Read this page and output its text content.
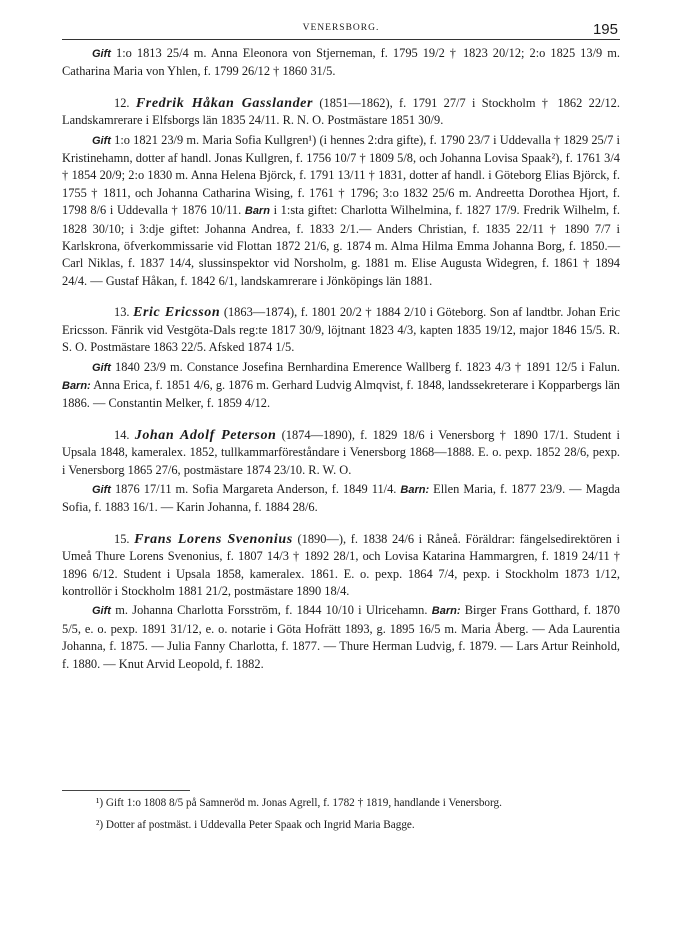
VENERSBORG.	195

Gift 1:o 1813 25/4 m. Anna Eleonora von Stjerneman, f. 1795 19/2 † 1823 20/12; 2:o 1825 13/9 m. Catharina Maria von Yhlen, f. 1799 26/12 † 1860 31/5.

12. Fredrik Håkan Gasslander (1851—1862), f. 1791 27/7 i Stockholm † 1862 22/12. Landskamrerare i Elfsborgs län 1835 24/11. R. N. O. Postmästare 1851 30/9.

Gift 1:o 1821 23/9 m. Maria Sofia Kullgren¹) (i hennes 2:dra gifte), f. 1790 23/7 i Uddevalla † 1829 25/7 i Kristinehamn, dotter af handl. Jonas Kullgren, f. 1756 10/7 † 1809 5/8, och Johanna Lovisa Spaak²), f. 1761 3/4 † 1854 20/9; 2:o 1830 m. Anna Helena Björck, f. 1791 13/11 † 1831, dotter af handl. i Göteborg Elias Björck, f. 1755 † 1811, och Johanna Catharina Wising, f. 1761 † 1796; 3:o 1832 25/6 m. Andreetta Dorothea Hjort, f. 1798 8/6 i Uddevalla † 1876 10/11. Barn i 1:sta giftet: Charlotta Wilhelmina, f. 1827 17/9. Fredrik Wilhelm, f. 1828 30/10; i 3:dje giftet: Johanna Andrea, f. 1833 2/1.— Anders Christian, f. 1835 22/11 † 1890 7/7 i Karlskrona, öfverkommissarie vid Flottan 1872 21/6, g. 1874 m. Alma Hilma Emma Johanna Borg, f. 1850.— Carl Niklas, f. 1837 14/4, slussinspektor vid Norsholm, g. 1881 m. Elise Augusta Widegren, f. 1861 † 1894 24/4. — Gustaf Håkan, f. 1842 6/1, landskamrerare i Jönköpings län 1881.

13. Eric Ericsson (1863—1874), f. 1801 20/2 † 1884 2/10 i Göteborg. Son af landtbr. Johan Eric Ericsson. Fänrik vid Vestgöta-Dals reg:te 1817 30/9, löjtnant 1823 4/3, kapten 1835 19/12, major 1846 15/5. R. S. O. Postmästare 1863 22/5. Afsked 1874 1/5.

Gift 1840 23/9 m. Constance Josefina Bernhardina Emerence Wallberg f. 1823 4/3 † 1891 12/5 i Falun. Barn: Anna Erica, f. 1851 4/6, g. 1876 m. Gerhard Ludvig Almqvist, f. 1848, landssekreterare i Kopparbergs län 1886. — Constantin Melker, f. 1859 4/12.

14. Johan Adolf Peterson (1874—1890), f. 1829 18/6 i Venersborg † 1890 17/1. Student i Upsala 1848, kameralex. 1852, tullkammarföreståndare i Venersborg 1868—1888. E. o. pexp. 1852 28/6, pexp. i Venersborg 1865 27/6, postmästare 1874 23/10. R. W. O.

Gift 1876 17/11 m. Sofia Margareta Anderson, f. 1849 11/4. Barn: Ellen Maria, f. 1877 23/9. — Magda Sofia, f. 1883 16/1. — Karin Johanna, f. 1884 28/6.

15. Frans Lorens Svenonius (1890—), f. 1838 24/6 i Råneå. Föräldrar: fängelsedirektören i Umeå Thure Lorens Svenonius, f. 1807 14/3 † 1892 28/1, och Lovisa Katarina Hammargren, f. 1819 24/11 † 1896 6/12. Student i Upsala 1858, kameralex. 1861. E. o. pexp. 1864 7/4, pexp. i Stockholm 1873 1/12, kontrollör i Stockholm 1881 21/2, postmästare 1890 18/4.

Gift m. Johanna Charlotta Forsström, f. 1844 10/10 i Ulricehamn. Barn: Birger Frans Gotthard, f. 1870 5/5, e. o. pexp. 1891 31/12, e. o. notarie i Göta Hofrätt 1893, g. 1895 16/5 m. Maria Åberg. — Ada Laurentia Johanna, f. 1875. — Julia Fanny Charlotta, f. 1877. — Thure Herman Ludvig, f. 1879. — Lars Artur Reinhold, f. 1880. — Knut Arvid Leopold, f. 1882.

¹) Gift 1:o 1808 8/5 på Samneröd m. Jonas Agrell, f. 1782 † 1819, handlande i Venersborg.

²) Dotter af postmäst. i Uddevalla Peter Spaak och Ingrid Maria Bagge.
